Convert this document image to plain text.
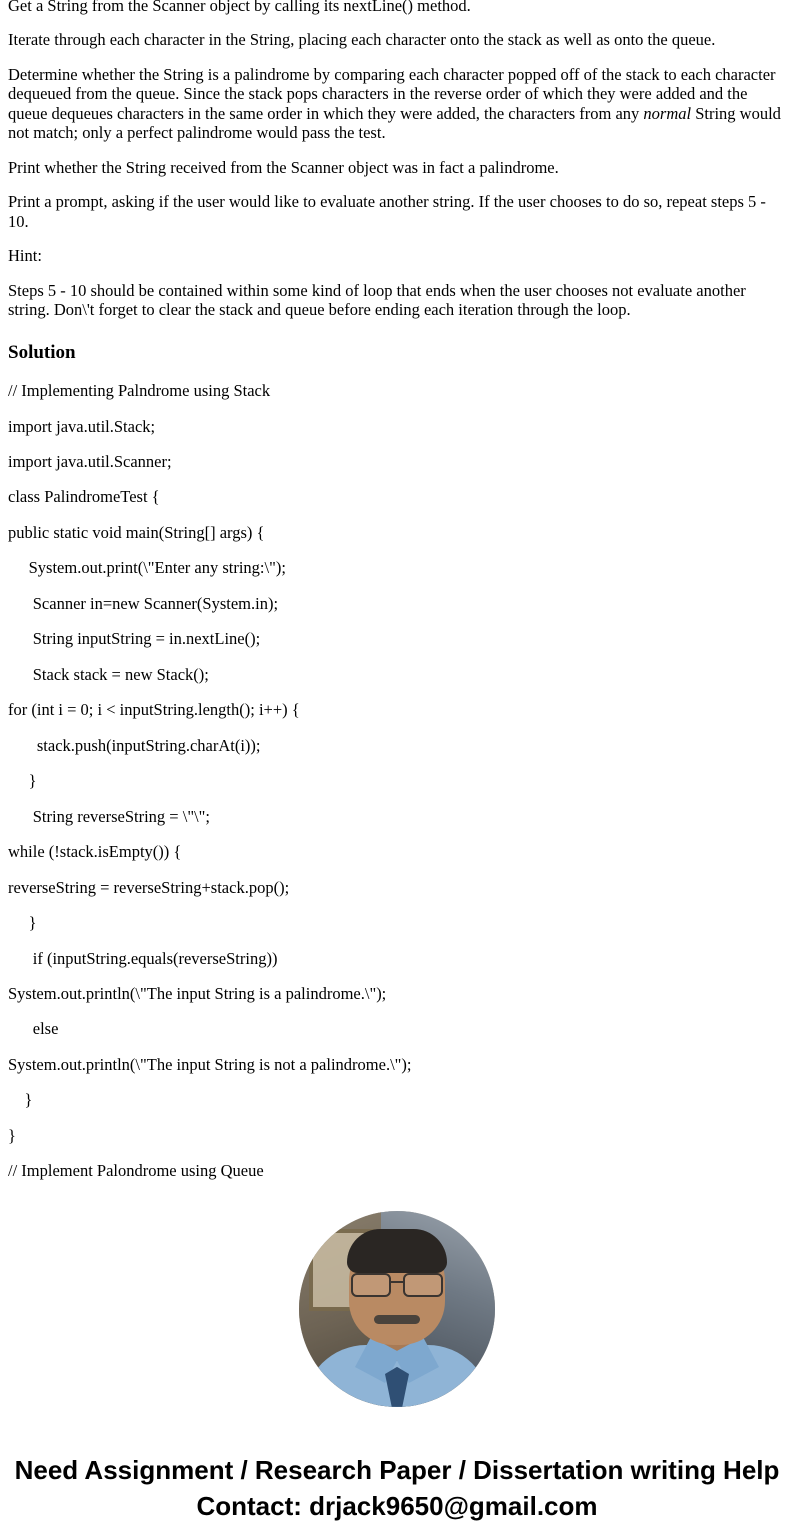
Get a String from the Scanner object by calling its nextLine() method.

Iterate through each character in the String, placing each character onto the stack as well as onto the queue.

Determine whether the String is a palindrome by comparing each character popped off of the stack to each character dequeued from the queue. Since the stack pops characters in the reverse order of which they were added and the queue dequeues characters in the same order in which they were added, the characters from any normal String would not match; only a perfect palindrome would pass the test.

Print whether the String received from the Scanner object was in fact a palindrome.

Print a prompt, asking if the user would like to evaluate another string. If the user chooses to do so, repeat steps 5 - 10.

Hint:

Steps 5 - 10 should be contained within some kind of loop that ends when the user chooses not evaluate another string. Don\'t forget to clear the stack and queue before ending each iteration through the loop.

Solution

// Implementing Palndrome using Stack

import java.util.Stack;

import java.util.Scanner;

class PalindromeTest {

public static void main(String[] args) {

System.out.print(\"Enter any string:\");

Scanner in=new Scanner(System.in);

String inputString = in.nextLine();

Stack stack = new Stack();

for (int i = 0; i < inputString.length(); i++) {

stack.push(inputString.charAt(i));

}

String reverseString = \"\";

while (!stack.isEmpty()) {

reverseString = reverseString+stack.pop();

}

if (inputString.equals(reverseString))

System.out.println(\"The input String is a palindrome.\");

else

System.out.println(\"The input String is not a palindrome.\");

}

}

// Implement Palondrome using Queue

Need Assignment / Research Paper / Dissertation writing Help
Contact: drjack9650@gmail.com
